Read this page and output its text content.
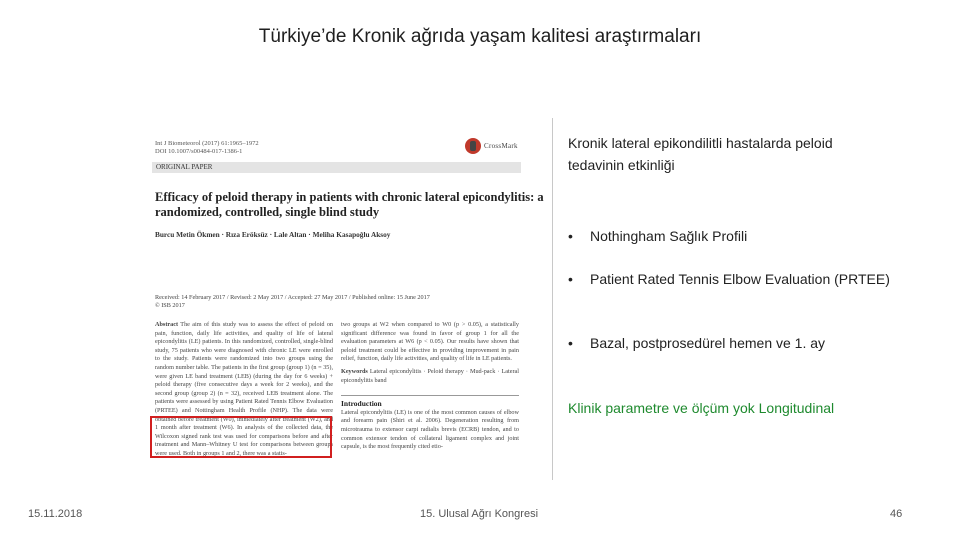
Türkiye’de Kronik ağrıda yaşam kalitesi araştırmaları
Int J Biometeorol (2017) 61:1965–1972
DOI 10.1007/s00484-017-1386-1
CrossMark
ORIGINAL PAPER
Efficacy of peloid therapy in patients with chronic lateral epicondylitis: a randomized, controlled, single blind study
Burcu Metin Ökmen · Rıza Eröksüz · Lale Altan · Meliha Kasapoğlu Aksoy
Received: 14 February 2017 / Revised: 2 May 2017 / Accepted: 27 May 2017 / Published online: 15 June 2017
© ISB 2017
Abstract The aim of this study was to assess the effect of peloid on pain, function, daily life activities, and quality of life of lateral epicondylitis (LE) patients. In this randomized, controlled, single-blind study, 75 patients who were diagnosed with chronic LE were enrolled to the study. Patients were randomized into two groups using the random number table. The patients in the first group (group 1) (n = 35), were given LE band treatment (LEB) (during the day for 6 weeks) + peloid therapy (five consecutive days a week for 2 weeks), and the second group (group 2) (n = 32), received LEB treatment alone. The patients were assessed by using Patient Rated Tennis Elbow Evaluation (PRTEE) and Nottingham Health Profile (NHP). The data were obtained before treatment (W0), immediately after treatment (W2), and 1 month after treatment (W6). In analysis of the collected data, the Wilcoxon signed rank test was used for comparisons before and after treatment and Mann–Whitney U test for comparisons between groups were used. Both in groups 1 and 2, there was a statis-
two groups at W2 when compared to W0 (p > 0.05), a statistically significant difference was found in favor of group 1 for all the evaluation parameters at W6 (p < 0.05). Our results have shown that peloid treatment could be effective in providing improvement in pain relief, function, daily life activities, and quality of life in LE patients.
Keywords Lateral epicondylitis · Peloid therapy · Mud-pack · Lateral epicondylitis band
Introduction
Lateral epicondylitis (LE) is one of the most common causes of elbow and forearm pain (Shiri et al. 2006). Degeneration resulting from microtrauma to extensor carpi radialis brevis (ECRB) tendon, and to common extensor tendon of collateral ligament complex and joint capsule, is the most frequently cited etio-
Kronik lateral epikondilitli hastalarda peloid tedavinin etkinliği
• Nothingham Sağlık Profili
• Patient Rated Tennis Elbow Evaluation (PRTEE)
• Bazal, postprosedürel hemen ve 1. ay
Klinik parametre ve ölçüm yok Longitudinal
15.11.2018	15. Ulusal Ağrı Kongresi	46
